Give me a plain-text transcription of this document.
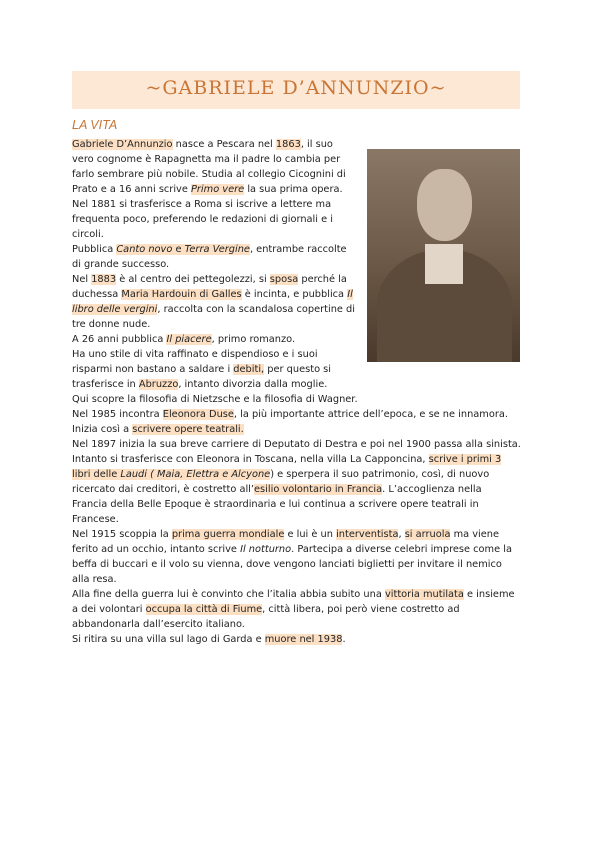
~GABRIELE D’ANNUNZIO~
LA VITA
Gabriele D’Annunzio nasce a Pescara nel 1863, il suo
vero cognome è Rapagnetta ma il padre lo cambia per
farlo sembrare più nobile. Studia al collegio Cicognini di
Prato e a 16 anni scrive Primo vere la sua prima opera.
Nel 1881 si trasferisce a Roma si iscrive a lettere ma
frequenta poco, preferendo le redazioni di giornali e i
circoli.
Pubblica Canto novo e Terra Vergine, entrambe raccolte
di grande successo.
Nel 1883 è al centro dei pettegolezzi, si sposa perché la
duchessa Maria Hardouin di Galles è incinta, e pubblica Il
libro delle vergini, raccolta con la scandalosa copertine di
tre donne nude.
A 26 anni pubblica Il piacere, primo romanzo.
Ha uno stile di vita raffinato e dispendioso e i suoi
risparmi non bastano a saldare i debiti, per questo si
trasferisce in Abruzzo, intanto divorzia dalla moglie.
Qui scopre la filosofia di Nietzsche e la filosofia di Wagner.
Nel 1985 incontra Eleonora Duse, la più importante attrice dell’epoca, e se ne innamora.
Inizia così a scrivere opere teatrali.
Nel 1897 inizia la sua breve carriere di Deputato di Destra e poi nel 1900 passa alla sinista.
Intanto si trasferisce con Eleonora in Toscana, nella villa La Capponcina, scrive i primi 3
libri delle Laudi ( Maia, Elettra e Alcyone) e sperpera il suo patrimonio, così, di nuovo
ricercato dai creditori, è costretto all’esilio volontario in Francia. L’accoglienza nella
Francia della Belle Epoque è straordinaria e lui continua a scrivere opere teatrali in
Francese.
Nel 1915 scoppia la prima guerra mondiale e lui è un interventista, si arruola ma viene
ferito ad un occhio, intanto scrive Il notturno. Partecipa a diverse celebri imprese come la
beffa di buccari e il volo su vienna, dove vengono lanciati biglietti per invitare il nemico
alla resa.
Alla fine della guerra lui è convinto che l’italia abbia subito una vittoria mutilata e insieme
a dei volontari occupa la città di Fiume, città libera, poi però viene costretto ad
abbandonarla dall’esercito italiano.
Si ritira su una villa sul lago di Garda e muore nel 1938.
